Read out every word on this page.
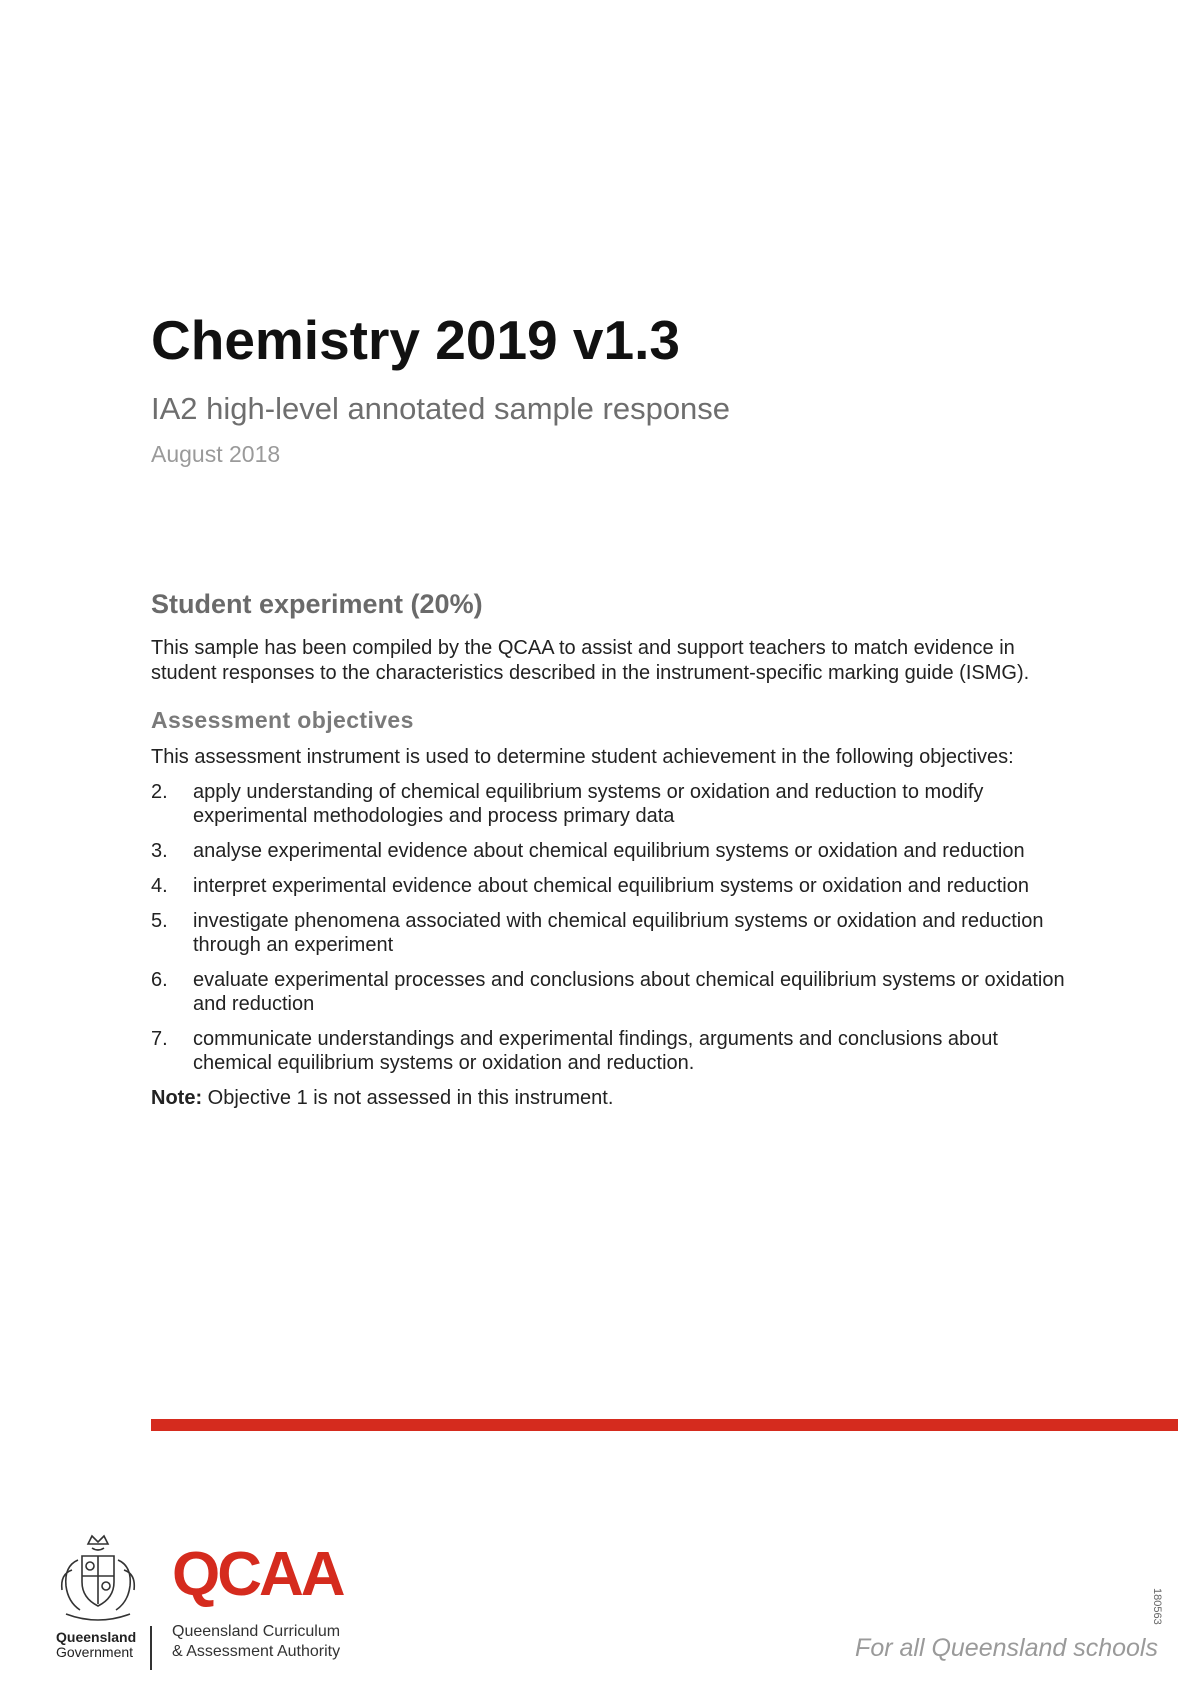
Chemistry 2019 v1.3
IA2 high-level annotated sample response
August 2018
Student experiment (20%)

This sample has been compiled by the QCAA to assist and support teachers to match evidence in student responses to the characteristics described in the instrument-specific marking guide (ISMG).

Assessment objectives

This assessment instrument is used to determine student achievement in the following objectives:

2.	apply understanding of chemical equilibrium systems or oxidation and reduction to modify experimental methodologies and process primary data
3.	analyse experimental evidence about chemical equilibrium systems or oxidation and reduction
4.	interpret experimental evidence about chemical equilibrium systems or oxidation and reduction
5.	investigate phenomena associated with chemical equilibrium systems or oxidation and reduction through an experiment
6.	evaluate experimental processes and conclusions about chemical equilibrium systems or oxidation and reduction
7.	communicate understandings and experimental findings, arguments and conclusions about chemical equilibrium systems or oxidation and reduction.

Note: Objective 1 is not assessed in this instrument.

Queensland
Government
QCAA
Queensland Curriculum
& Assessment Authority	For all Queensland schools
180563
